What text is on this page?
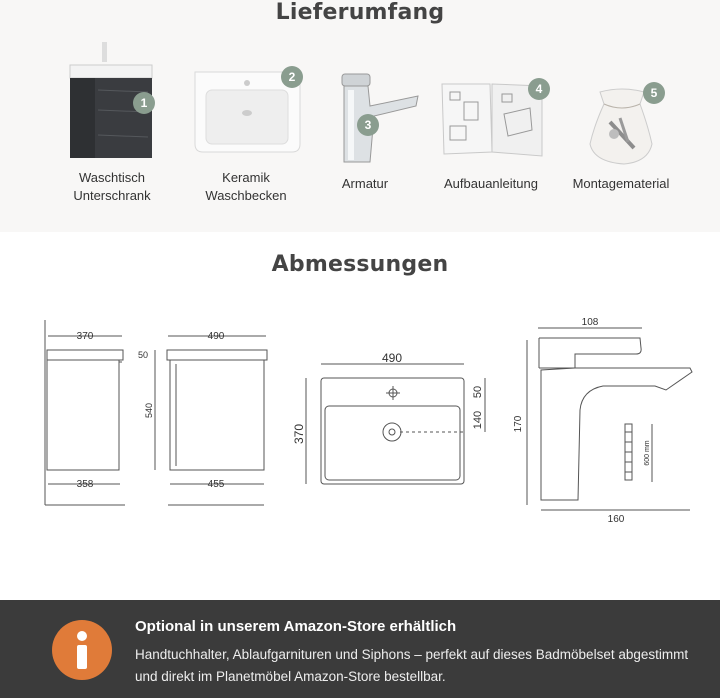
Lieferumfang
1
Waschtisch
Unterschrank
2
Keramik
Waschbecken
3
Armatur
4
Aufbauanleitung
5
Montagematerial
Abmessungen
370
50
540
358
490
455
490
370
50
140
108
170
160
600 mm
Optional in unserem Amazon-Store erhältlich
Handtuchhalter, Ablaufgarnituren und Siphons – perfekt auf dieses Badmöbelset abgestimmt und direkt im Planetmöbel Amazon-Store bestellbar.
